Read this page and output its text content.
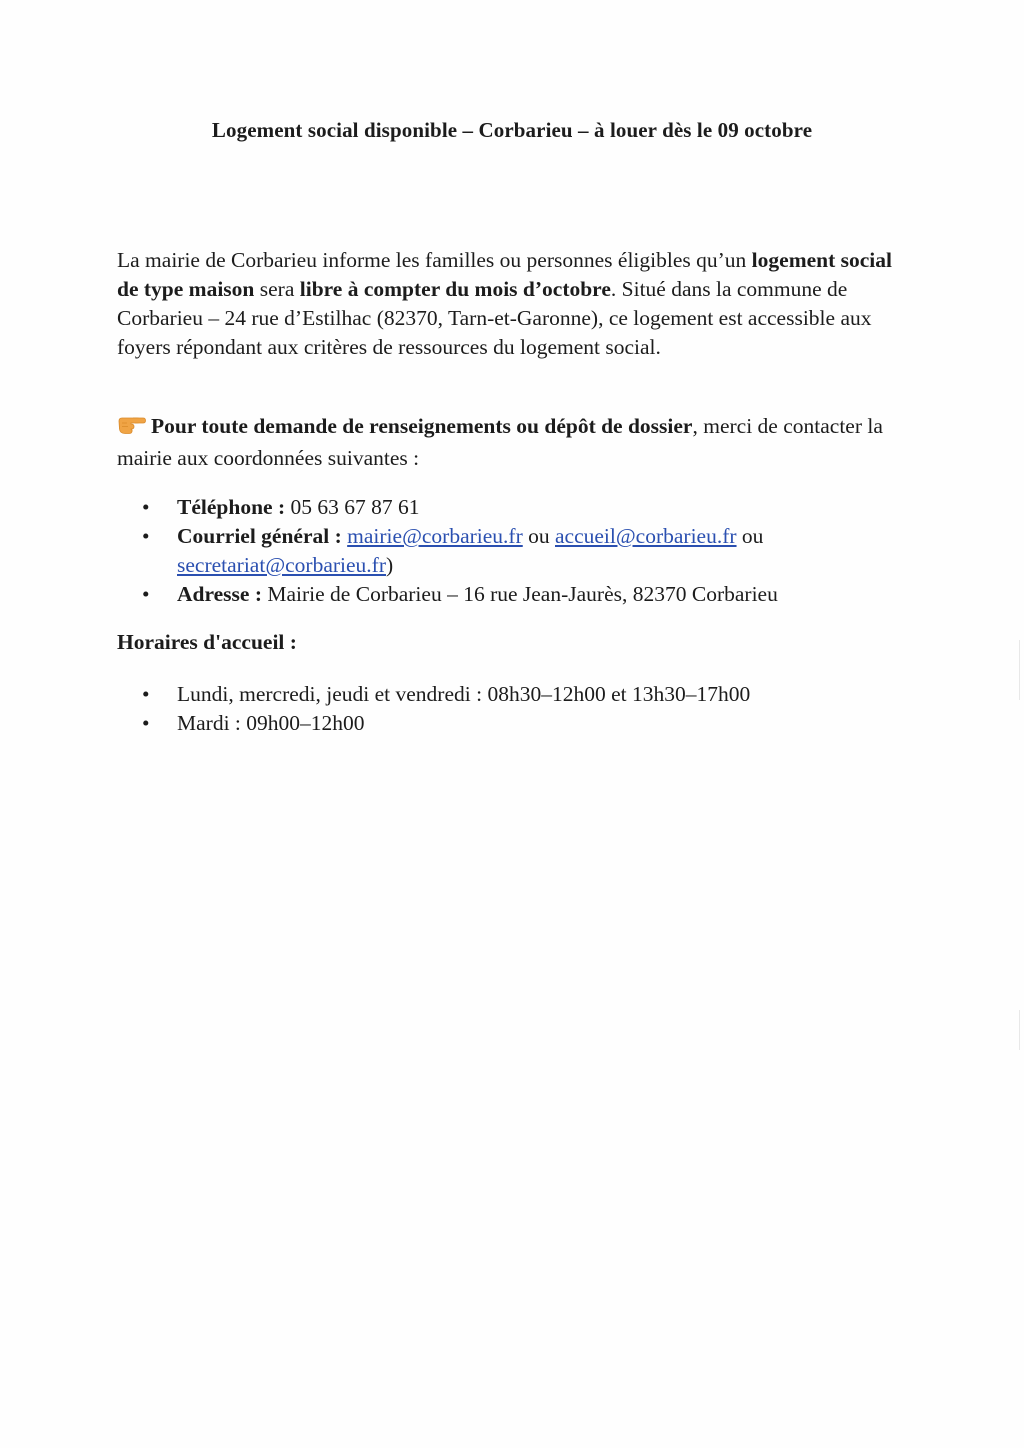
Logement social disponible – Corbarieu – à louer dès le 09 octobre

La mairie de Corbarieu informe les familles ou personnes éligibles qu’un logement social de type maison sera libre à compter du mois d’octobre. Situé dans la commune de Corbarieu – 24 rue d’Estilhac (82370, Tarn-et-Garonne), ce logement est accessible aux foyers répondant aux critères de ressources du logement social.

Pour toute demande de renseignements ou dépôt de dossier, merci de contacter la mairie aux coordonnées suivantes :

• Téléphone : 05 63 67 87 61
• Courriel général : mairie@corbarieu.fr ou accueil@corbarieu.fr ou secretariat@corbarieu.fr)
• Adresse : Mairie de Corbarieu – 16 rue Jean-Jaurès, 82370 Corbarieu
Horaires d'accueil :
• Lundi, mercredi, jeudi et vendredi : 08h30–12h00 et 13h30–17h00
• Mardi : 09h00–12h00
